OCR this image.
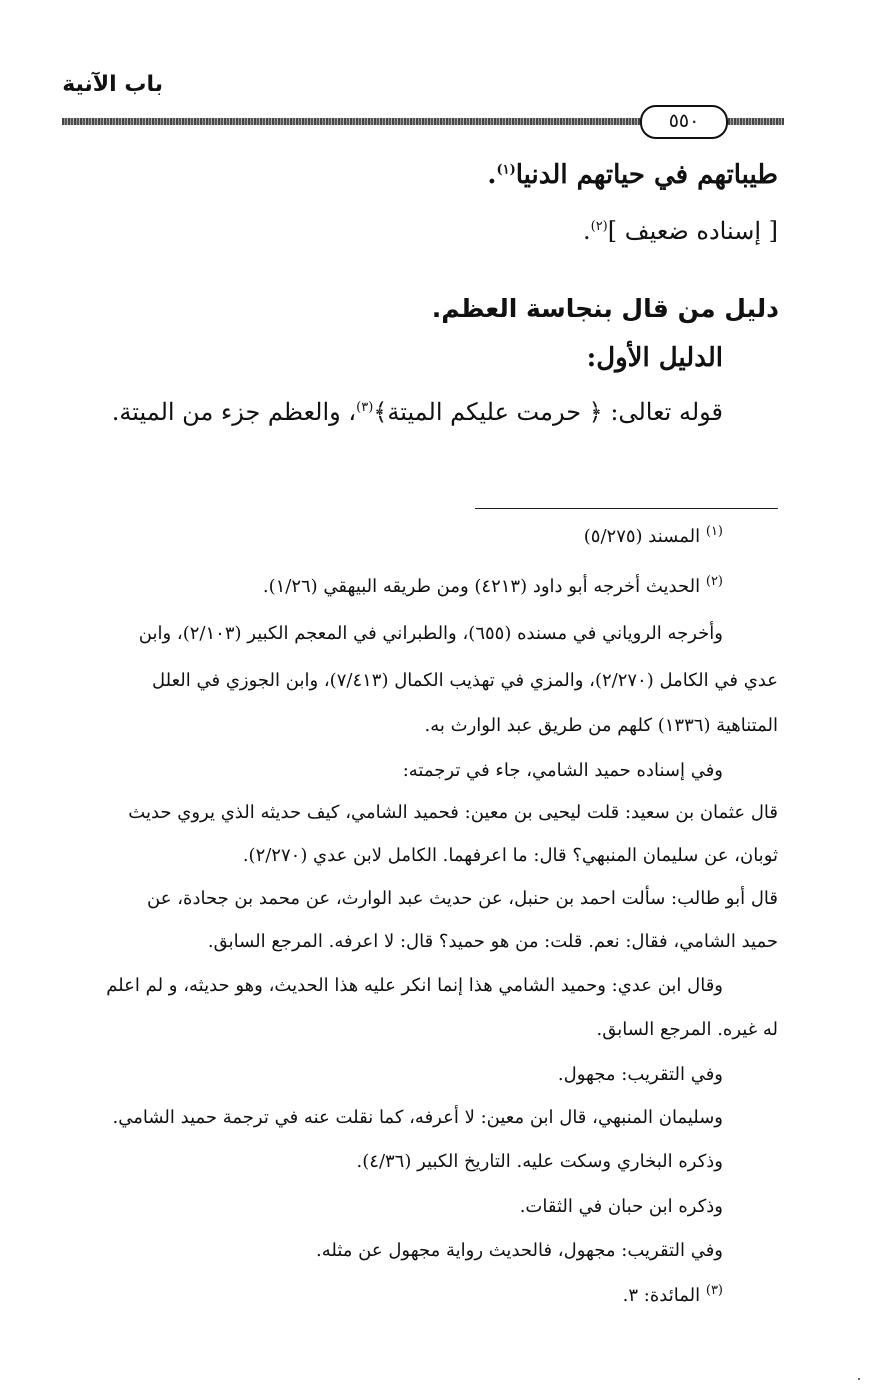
باب الآنية
٥٥٠
طيباتهم في حياتهم الدنيا$^{(١)}$.
[ إسناده ضعيف ]$^{(٢)}$.
دليل من قال بنجاسة العظم.
الدليل الأول:
قوله تعالى: ﴿ حرمت عليكم الميتة﴾$^{(٣)}$، والعظم جزء من الميتة.
$^{(١)}$ المسند (٥/٢٧٥)
$^{(٢)}$ الحديث أخرجه أبو داود (٤٢١٣) ومن طريقه البيهقي (١/٢٦).
وأخرجه الروياني في مسنده (٦٥٥)، والطبراني في المعجم الكبير (٢/١٠٣)، وابن
عدي في الكامل (٢/٢٧٠)، والمزي في تهذيب الكمال (٧/٤١٣)، وابن الجوزي في العلل
المتناهية (١٣٣٦) كلهم من طريق عبد الوارث به.
وفي إسناده حميد الشامي، جاء في ترجمته:
قال عثمان بن سعيد: قلت ليحيى بن معين: فحميد الشامي، كيف حديثه الذي يروي حديث
ثوبان، عن سليمان المنبهي؟ قال: ما اعرفهما. الكامل لابن عدي (٢/٢٧٠).
قال أبو طالب: سألت احمد بن حنبل، عن حديث عبد الوارث، عن محمد بن جحادة، عن
حميد الشامي، فقال: نعم. قلت: من هو حميد؟ قال: لا اعرفه. المرجع السابق.
وقال ابن عدي: وحميد الشامي هذا إنما انكر عليه هذا الحديث، وهو حديثه، و لم اعلم
له غيره. المرجع السابق.
وفي التقريب: مجهول.
وسليمان المنبهي، قال ابن معين: لا أعرفه، كما نقلت عنه في ترجمة حميد الشامي.
وذكره البخاري وسكت عليه. التاريخ الكبير (٤/٣٦).
وذكره ابن حبان في الثقات.
وفي التقريب: مجهول، فالحديث رواية مجهول عن مثله.
$^{(٣)}$ المائدة: ٣.
